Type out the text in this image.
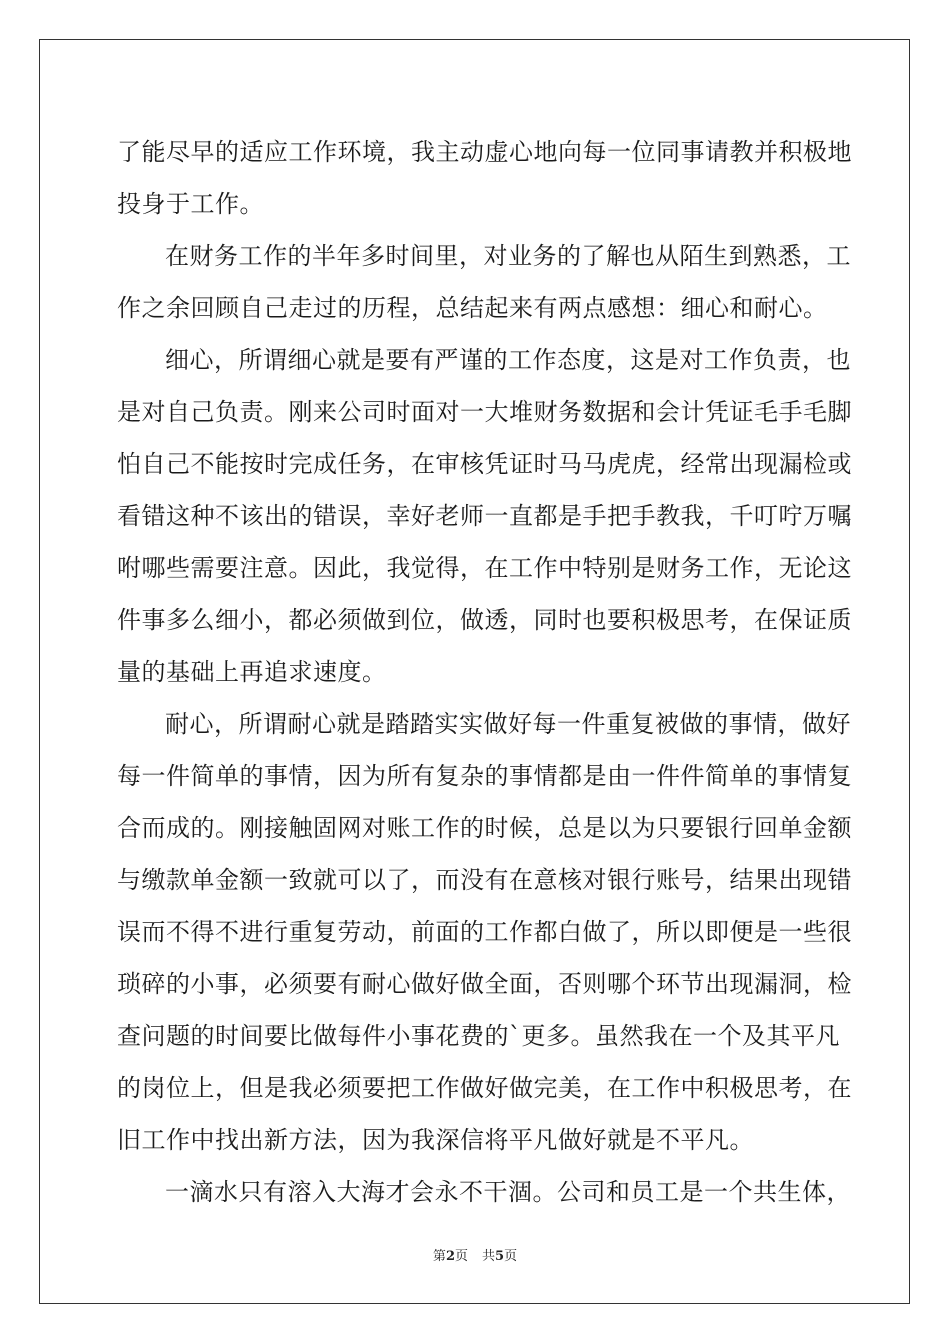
了能尽早的适应工作环境，我主动虚心地向每一位同事请教并积极地
投身于工作。
在财务工作的半年多时间里，对业务的了解也从陌生到熟悉，工
作之余回顾自己走过的历程，总结起来有两点感想：细心和耐心。
细心，所谓细心就是要有严谨的工作态度，这是对工作负责，也
是对自己负责。刚来公司时面对一大堆财务数据和会计凭证毛手毛脚
怕自己不能按时完成任务，在审核凭证时马马虎虎，经常出现漏检或
看错这种不该出的错误，幸好老师一直都是手把手教我，千叮咛万嘱
咐哪些需要注意。因此，我觉得，在工作中特别是财务工作，无论这
件事多么细小，都必须做到位，做透，同时也要积极思考，在保证质
量的基础上再追求速度。
耐心，所谓耐心就是踏踏实实做好每一件重复被做的事情，做好
每一件简单的事情，因为所有复杂的事情都是由一件件简单的事情复
合而成的。刚接触固网对账工作的时候，总是以为只要银行回单金额
与缴款单金额一致就可以了，而没有在意核对银行账号，结果出现错
误而不得不进行重复劳动，前面的工作都白做了，所以即便是一些很
琐碎的小事，必须要有耐心做好做全面，否则哪个环节出现漏洞，检
查问题的时间要比做每件小事花费的`更多。虽然我在一个及其平凡
的岗位上，但是我必须要把工作做好做完美，在工作中积极思考，在
旧工作中找出新方法，因为我深信将平凡做好就是不平凡。
一滴水只有溶入大海才会永不干涸。公司和员工是一个共生体，
第2页 共5页
